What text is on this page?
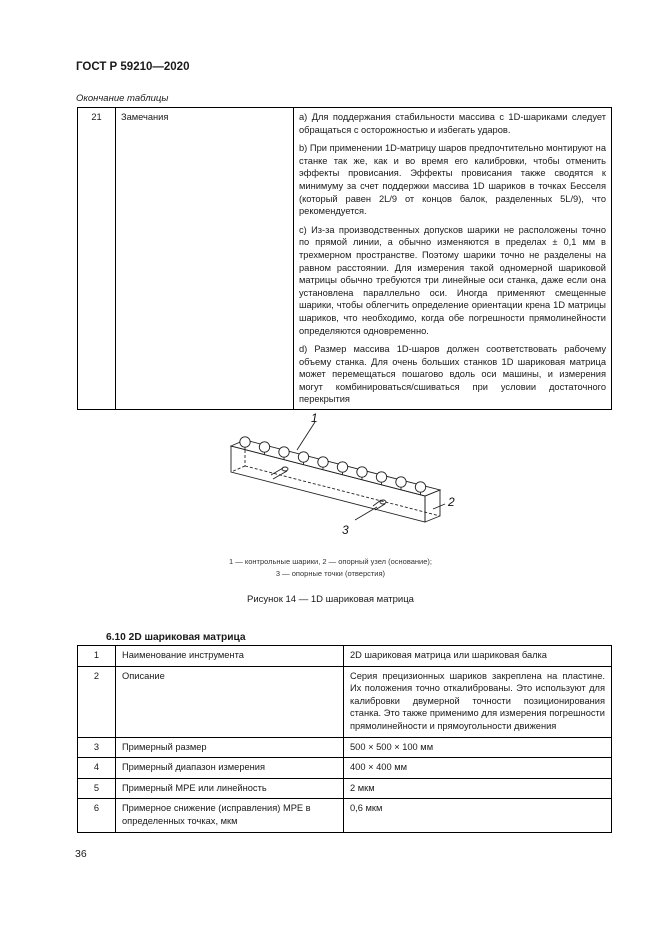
ГОСТ Р 59210—2020
Окончание таблицы
21	Замечания	а) Для поддержания стабильности массива с 1D-шариками следует обращаться с осторожностью и избегать ударов.

b) При применении 1D-матрицу шаров предпочтительно монтируют на станке так же, как и во время его калибровки, чтобы отменить эффекты провисания. Эффекты провисания также сводятся к минимуму за счет поддержки массива 1D шариков в точках Бесселя (который равен 2L/9 от концов балок, разделенных 5L/9), что рекомендуется.

с) Из-за производственных допусков шарики не расположены точно по прямой линии, а обычно изменяются в пределах ± 0,1 мм в трехмерном пространстве. Поэтому шарики точно не разделены на равном расстоянии. Для измерения такой одномерной шариковой матрицы обычно требуются три линейные оси станка, даже если она установлена параллельно оси. Иногда применяют смещенные шарики, чтобы облегчить определение ориентации крена 1D матрицы шариков, что необходимо, когда обе погрешности прямолинейности определяются одновременно.

d) Размер массива 1D-шаров должен соответствовать рабочему объему станка. Для очень больших станков 1D шариковая матрица может перемещаться пошагово вдоль оси машины, и измерения могут комбинироваться/сшиваться при условии достаточного перекрытия

1
2
3
1 — контрольные шарики, 2 — опорный узел (основание);
3 — опорные точки (отверстия)
Рисунок 14 — 1D шариковая матрица
6.10 2D шариковая матрица
1	Наименование инструмента	2D шариковая матрица или шариковая балка
2	Описание	Серия прецизионных шариков закреплена на пластине. Их положения точно откалиброваны. Это используют для калибровки двумерной точности позиционирования станка. Это также применимо для измерения погрешности прямолинейности и прямоугольности движения
3	Примерный размер	500 × 500 × 100 мм
4	Примерный диапазон измерения	400 × 400 мм
5	Примерный MPE или линейность	2 мкм
6	Примерное снижение (исправления) MPE в определенных точках, мкм	0,6 мкм
36
